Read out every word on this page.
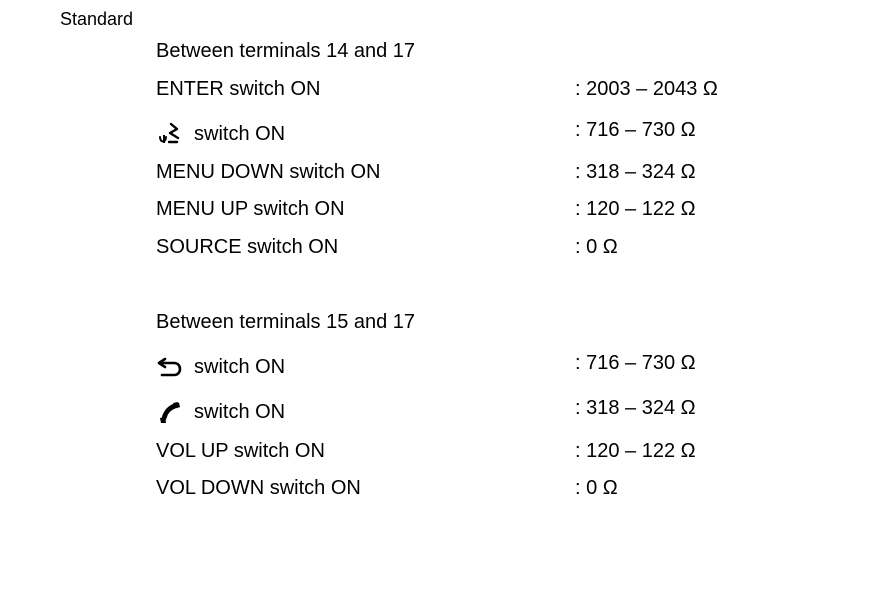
Standard
Between terminals 14 and 17
ENTER switch ON	: 2003 – 2043 Ω
switch ON	: 716 – 730 Ω
MENU DOWN switch ON	: 318 – 324 Ω
MENU UP switch ON	: 120 – 122 Ω
SOURCE switch ON	: 0 Ω
Between terminals 15 and 17
switch ON	: 716 – 730 Ω
switch ON	: 318 – 324 Ω
VOL UP switch ON	: 120 – 122 Ω
VOL DOWN switch ON	: 0 Ω
